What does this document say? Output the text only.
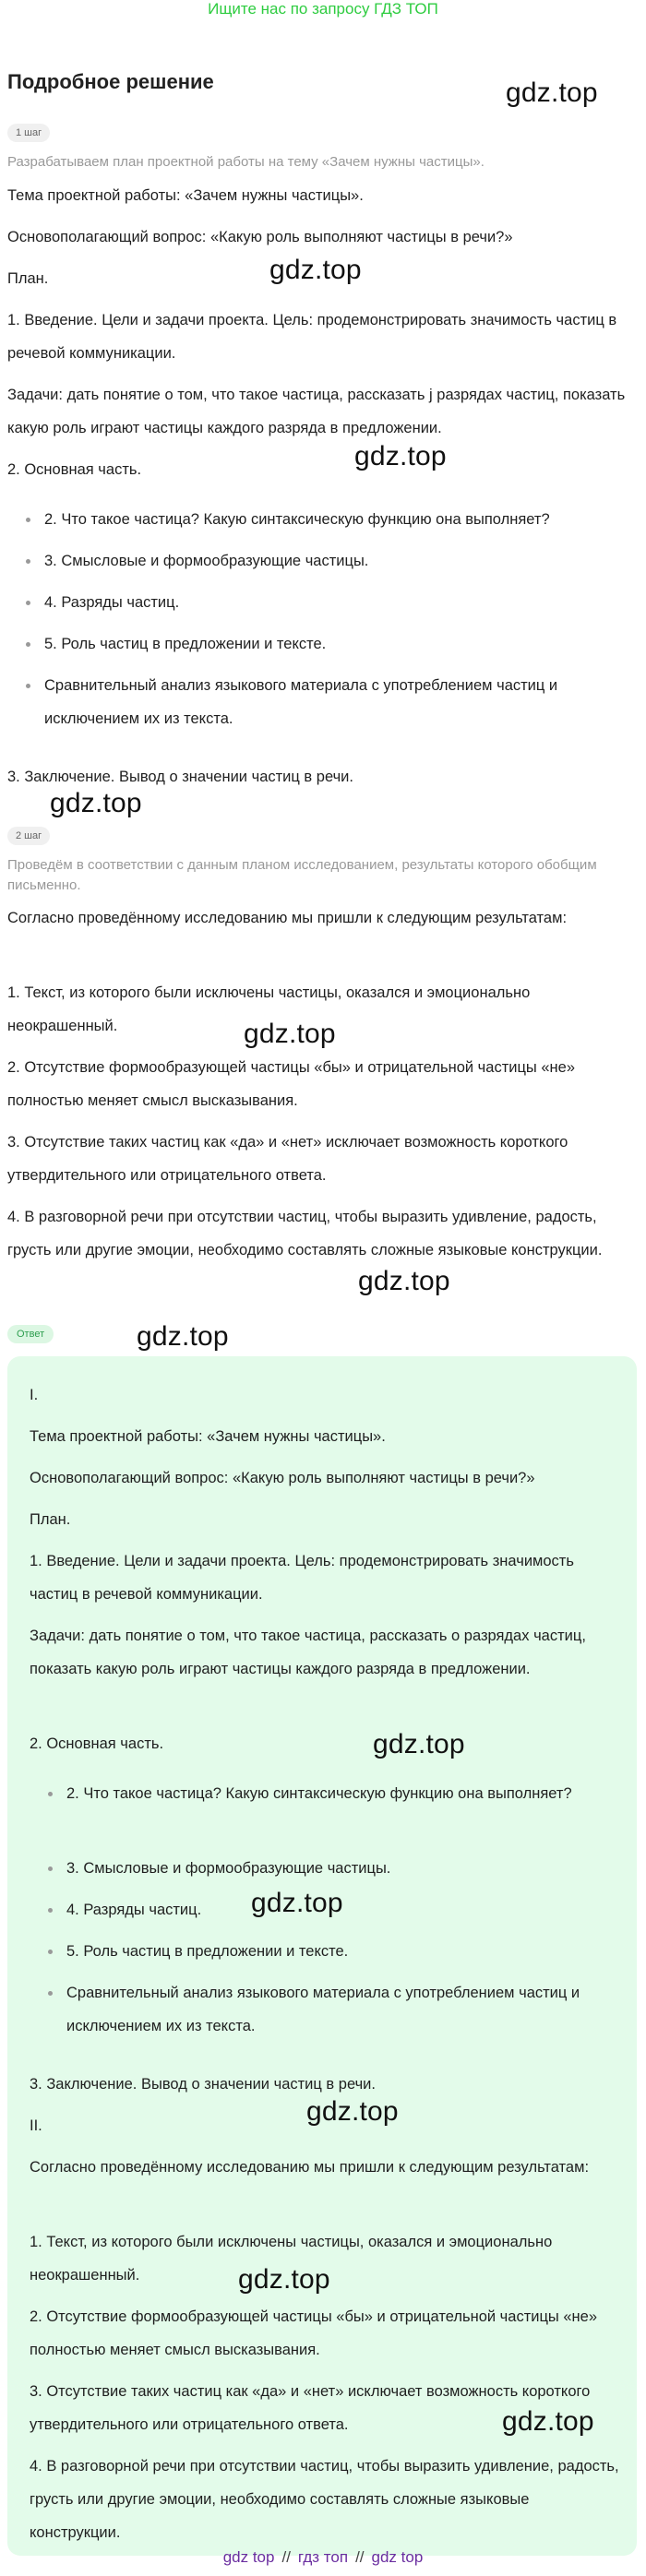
Ищите нас по запросу ГДЗ ТОП
Подробное решение	gdz.top
gdz.top
gdz.top
gdz.top
gdz.top
gdz.top
gdz.top
1 шаг
Разрабатываем план проектной работы на тему «Зачем нужны частицы».
Тема проектной работы: «Зачем нужны частицы».
Основополагающий вопрос: «Какую роль выполняют частицы в речи?»
План.
1. Введение. Цели и задачи проекта. Цель: продемонстрировать значимость частиц в речевой коммуникации.
Задачи: дать понятие о том, что такое частица, рассказать j разрядах частиц, показать какую роль играют частицы каждого разряда в предложении.
2. Основная часть.
2. Что такое частица? Какую синтаксическую функцию она выполняет?
3. Смысловые и формообразующие частицы.
4. Разряды частиц.
5. Роль частиц в предложении и тексте.
Сравнительный анализ языкового материала с употреблением частиц и исключением их из текста.
3. Заключение. Вывод о значении частиц в речи.
2 шаг
Проведём в соответствии с данным планом исследованием, результаты которого обобщим письменно.
Согласно проведённому исследованию мы пришли к следующим результатам:
1. Текст, из которого были исключены частицы, оказался и эмоционально неокрашенный.
2. Отсутствие формообразующей частицы «бы» и отрицательной частицы «не» полностью меняет смысл высказывания.
3. Отсутствие таких частиц как «да» и «нет» исключает возможность короткого утвердительного или отрицательного ответа.
4. В разговорной речи при отсутствии частиц, чтобы выразить удивление, радость, грусть или другие эмоции, необходимо составлять сложные языковые конструкции.
Ответ
I.
Тема проектной работы: «Зачем нужны частицы».
Основополагающий вопрос: «Какую роль выполняют частицы в речи?»
План.
1. Введение. Цели и задачи проекта. Цель: продемонстрировать значимость частиц в речевой коммуникации.
Задачи: дать понятие о том, что такое частица, рассказать о разрядах частиц, показать какую роль играют частицы каждого разряда в предложении.
2. Основная часть.
2. Что такое частица? Какую синтаксическую функцию она выполняет?
3. Смысловые и формообразующие частицы.
4. Разряды частиц.
5. Роль частиц в предложении и тексте.
Сравнительный анализ языкового материала с употреблением частиц и исключением их из текста.
3. Заключение. Вывод о значении частиц в речи.
II.
Согласно проведённому исследованию мы пришли к следующим результатам:
1. Текст, из которого были исключены частицы, оказался и эмоционально неокрашенный.
2. Отсутствие формообразующей частицы «бы» и отрицательной частицы «не» полностью меняет смысл высказывания.
3. Отсутствие таких частиц как «да» и «нет» исключает возможность короткого утвердительного или отрицательного ответа.
4. В разговорной речи при отсутствии частиц, чтобы выразить удивление, радость, грусть или другие эмоции, необходимо составлять сложные языковые конструкции.
gdz.top
gdz.top
gdz.top
gdz.top
gdz.top
gdz top // гдз топ // gdz top
